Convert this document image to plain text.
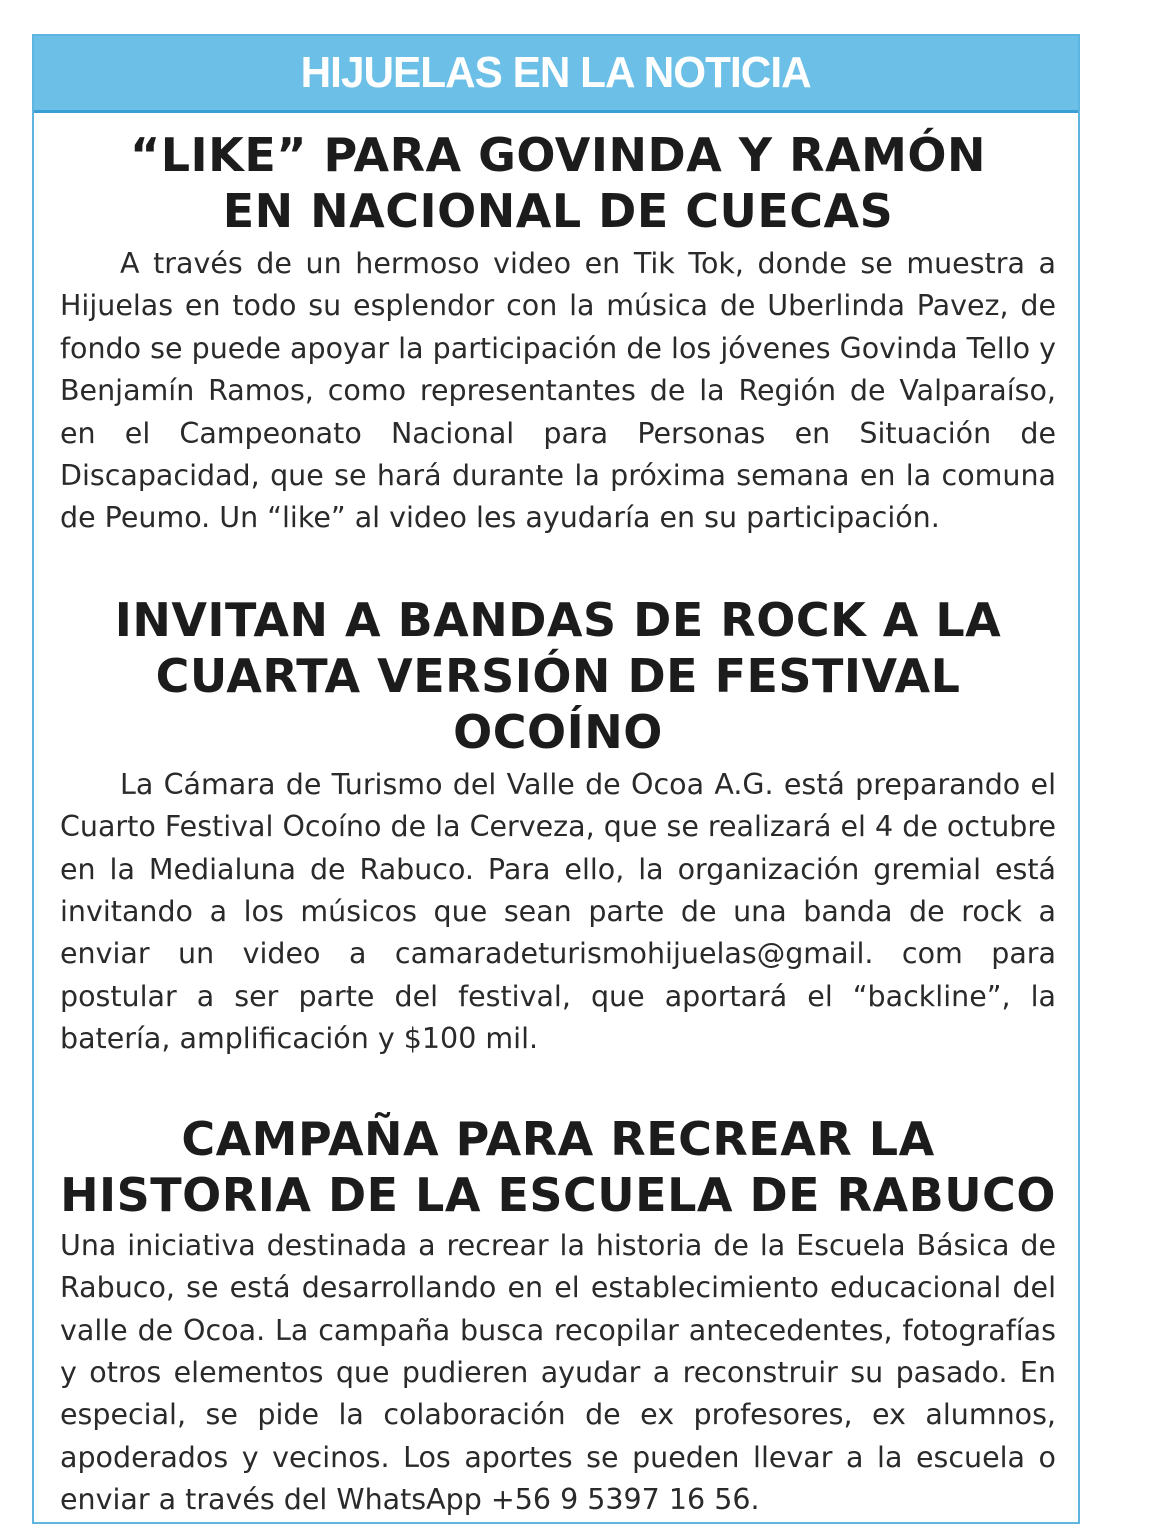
HIJUELAS EN LA NOTICIA
“LIKE” PARA GOVINDA Y RAMÓN
EN NACIONAL DE CUECAS

A través de un hermoso video en Tik Tok, donde se muestra a Hijuelas en todo su esplendor con la música de Uberlinda Pavez, de fondo se puede apoyar la participación de los jóvenes Govinda Tello y Benjamín Ramos, como representantes de la Región de Valparaíso, en el Campeonato Nacional para Personas en Situación de Discapacidad, que se hará durante la próxima semana en la comuna de Peumo. Un “like” al video les ayudaría en su participación.

INVITAN A BANDAS DE ROCK A LA
CUARTA VERSIÓN DE FESTIVAL OCOÍNO

La Cámara de Turismo del Valle de Ocoa A.G. está preparando el Cuarto Festival Ocoíno de la Cerveza, que se realizará el 4 de octubre en la Medialuna de Rabuco. Para ello, la organización gremial está invitando a los músicos que sean parte de una banda de rock a enviar un video a camaradeturismohijuelas@gmail. com para postular a ser parte del festival, que aportará el “backline”, la batería, amplificación y $100 mil.

CAMPAÑA PARA RECREAR LA
HISTORIA DE LA ESCUELA DE RABUCO

Una iniciativa destinada a recrear la historia de la Escuela Básica de Rabuco, se está desarrollando en el establecimiento educacional del valle de Ocoa. La campaña busca recopilar antecedentes, fotografías y otros elementos que pudieren ayudar a reconstruir su pasado. En especial, se pide la colaboración de ex profesores, ex alumnos, apoderados y vecinos. Los aportes se pueden llevar a la escuela o enviar a través del WhatsApp +56 9 5397 16 56.
